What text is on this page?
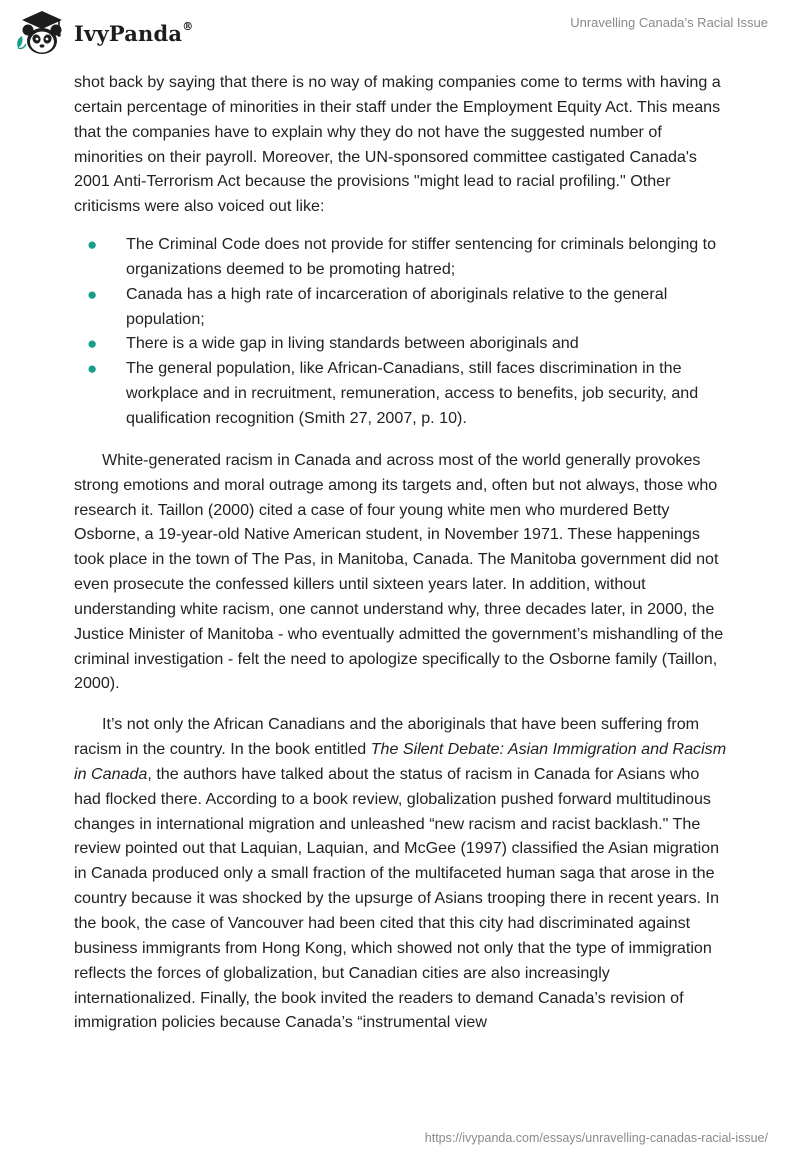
IvyPanda®	Unravelling Canada’s Racial Issue

shot back by saying that there is no way of making companies come to terms with having a certain percentage of minorities in their staff under the Employment Equity Act. This means that the companies have to explain why they do not have the suggested number of minorities on their payroll. Moreover, the UN-sponsored committee castigated Canada's 2001 Anti-Terrorism Act because the provisions "might lead to racial profiling." Other criticisms were also voiced out like:

● The Criminal Code does not provide for stiffer sentencing for criminals belonging to organizations deemed to be promoting hatred;
● Canada has a high rate of incarceration of aboriginals relative to the general population;
● There is a wide gap in living standards between aboriginals and
● The general population, like African-Canadians, still faces discrimination in the workplace and in recruitment, remuneration, access to benefits, job security, and qualification recognition (Smith 27, 2007, p. 10).

White-generated racism in Canada and across most of the world generally provokes strong emotions and moral outrage among its targets and, often but not always, those who research it. Taillon (2000) cited a case of four young white men who murdered Betty Osborne, a 19-year-old Native American student, in November 1971. These happenings took place in the town of The Pas, in Manitoba, Canada. The Manitoba government did not even prosecute the confessed killers until sixteen years later. In addition, without understanding white racism, one cannot understand why, three decades later, in 2000, the Justice Minister of Manitoba - who eventually admitted the government’s mishandling of the criminal investigation - felt the need to apologize specifically to the Osborne family (Taillon, 2000).

It’s not only the African Canadians and the aboriginals that have been suffering from racism in the country. In the book entitled The Silent Debate: Asian Immigration and Racism in Canada, the authors have talked about the status of racism in Canada for Asians who had flocked there. According to a book review, globalization pushed forward multitudinous changes in international migration and unleashed “new racism and racist backlash." The review pointed out that Laquian, Laquian, and McGee (1997) classified the Asian migration in Canada produced only a small fraction of the multifaceted human saga that arose in the country because it was shocked by the upsurge of Asians trooping there in recent years. In the book, the case of Vancouver had been cited that this city had discriminated against business immigrants from Hong Kong, which showed not only that the type of immigration reflects the forces of globalization, but Canadian cities are also increasingly internationalized. Finally, the book invited the readers to demand Canada’s revision of immigration policies because Canada’s “instrumental view

https://ivypanda.com/essays/unravelling-canadas-racial-issue/
